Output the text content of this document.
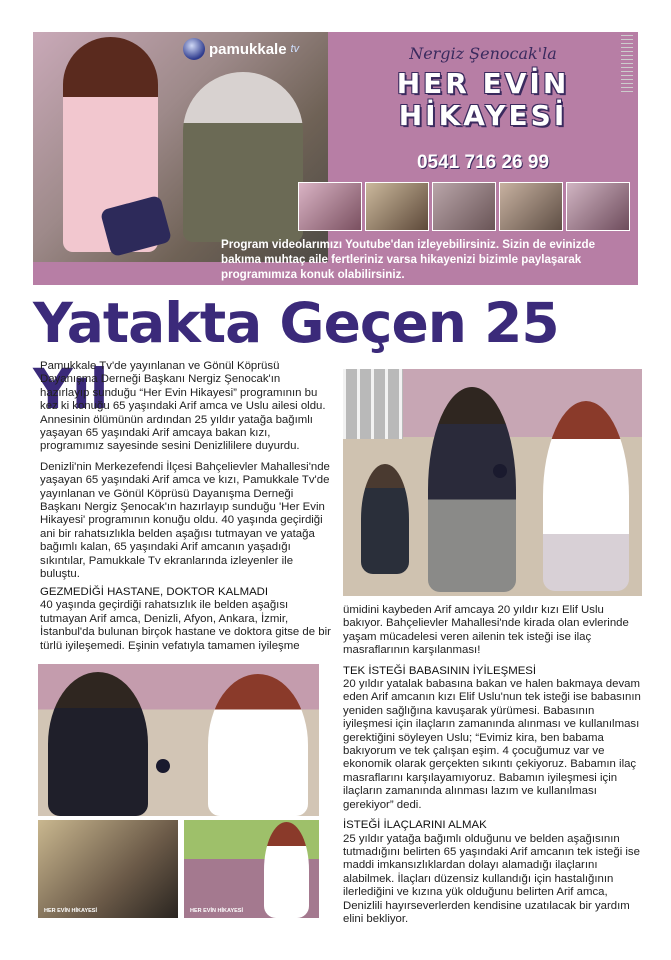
pamukkale tv	Nergiz Şenocak'la
HER EVİN
HİKAYESİ
0541 716 26 99

Program videolarımızı Youtube'dan izleyebilirsiniz. Sizin de evinizde bakıma muhtaç aile fertleriniz varsa hikayenizi bizimle paylaşarak programımıza konuk olabilirsiniz.

Yatakta Geçen 25 Yıl

Pamukkale Tv'de yayınlanan ve Gönül Köprüsü Dayanışma Derneği Başkanı Nergiz Şenocak'ın hazırlayıp sunduğu “Her Evin Hikayesi” programının bu kez ki konuğu 65 yaşındaki Arif amca ve Uslu ailesi oldu. Annesinin ölümünün ardından 25 yıldır yatağa bağımlı yaşayan 65 yaşındaki Arif amcaya bakan kızı, programımız sayesinde sesini Denizlililere duyurdu.

Denizli'nin Merkezefendi İlçesi Bahçelievler Mahallesi'nde yaşayan 65 yaşındaki Arif amca ve kızı, Pamukkale Tv'de yayınlanan ve Gönül Köprüsü Dayanışma Derneği Başkanı Nergiz Şenocak'ın hazırlayıp sunduğu 'Her Evin Hikayesi' programının konuğu oldu. 40 yaşında geçirdiği ani bir rahatsızlıkla belden aşağısı tutmayan ve yatağa bağımlı kalan, 65 yaşındaki Arif amcanın yaşadığı sıkıntılar, Pamukkale Tv ekranlarında izleyenler ile buluştu.

GEZMEDİĞİ HASTANE, DOKTOR KALMADI

40 yaşında geçirdiği rahatsızlık ile belden aşağısı tutmayan Arif amca, Denizli, Afyon, Ankara, İzmir, İstanbul'da bulunan birçok hastane ve doktora gitse de bir türlü iyileşemedi. Eşinin vefatıyla tamamen iyileşme

ümidini kaybeden Arif amcaya 20 yıldır kızı Elif Uslu bakıyor. Bahçelievler Mahallesi'nde kirada olan evlerinde yaşam mücadelesi veren ailenin tek isteği ise ilaç masraflarının karşılanması!

TEK İSTEĞİ BABASININ İYİLEŞMESİ

20 yıldır yatalak babasına bakan ve halen bakmaya devam eden Arif amcanın kızı Elif Uslu'nun tek isteği ise babasının yeniden sağlığına kavuşarak yürümesi. Babasının iyileşmesi için ilaçların zamanında alınması ve kullanılması gerektiğini söyleyen Uslu; “Evimiz kira, ben babama bakıyorum ve tek çalışan eşim. 4 çocuğumuz var ve ekonomik olarak gerçekten sıkıntı çekiyoruz. Babamın ilaç masraflarını karşılayamıyoruz. Babamın iyileşmesi için ilaçların zamanında alınması lazım ve kullanılması gerekiyor” dedi.

İSTEĞİ İLAÇLARINI ALMAK

25 yıldır yatağa bağımlı olduğunu ve belden aşağısının tutmadığını belirten 65 yaşındaki Arif amcanın tek isteği ise maddi imkansızlıklardan dolayı alamadığı ilaçlarını alabilmek. İlaçları düzensiz kullandığı için hastalığının ilerlediğini ve kızına yük olduğunu belirten Arif amca, Denizlili hayırseverlerden kendisine uzatılacak bir yardım elini bekliyor.

HER EVİN HİKAYESİ	HER EVİN HİKAYESİ
